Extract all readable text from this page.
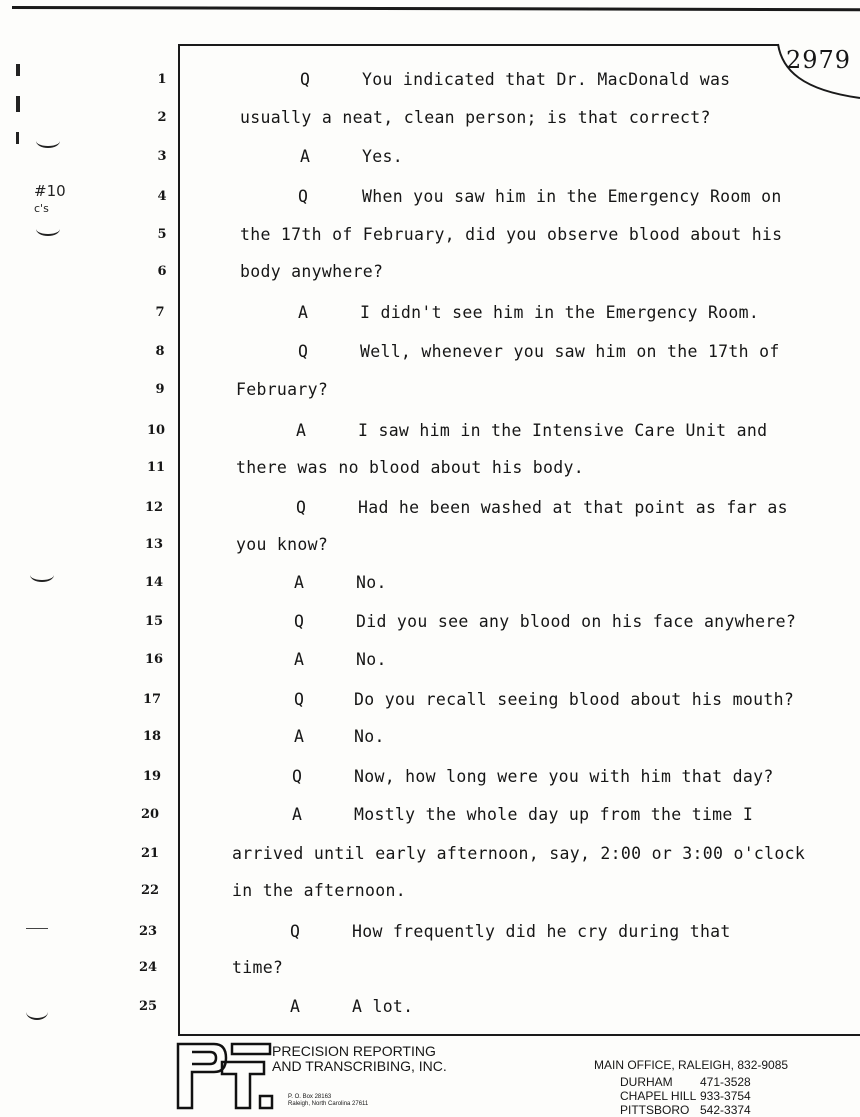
2979
#10
c's
1	Q	You indicated that Dr. MacDonald was
2	usually a neat, clean person; is that correct?
3	A	Yes.
4	Q	When you saw him in the Emergency Room on
5	the 17th of February, did you observe blood about his
6	body anywhere?
7	A	I didn't see him in the Emergency Room.
8	Q	Well, whenever you saw him on the 17th of
9	February?
10	A	I saw him in the Intensive Care Unit and
11	there was no blood about his body.
12	Q	Had he been washed at that point as far as
13	you know?
14	A	No.
15	Q	Did you see any blood on his face anywhere?
16	A	No.
17	Q	Do you recall seeing blood about his mouth?
18	A	No.
19	Q	Now, how long were you with him that day?
20	A	Mostly the whole day up from the time I
21	arrived until early afternoon, say, 2:00 or 3:00 o'clock
22	in the afternoon.
23	Q	How frequently did he cry during that
24	time?
25	A	A lot.
PRECISION REPORTING
AND TRANSCRIBING, INC.
P. O. Box 28163
Raleigh, North Carolina 27611
MAIN OFFICE, RALEIGH, 832-9085
DURHAM 471-3528
CHAPEL HILL 933-3754
PITTSBORO 542-3374
